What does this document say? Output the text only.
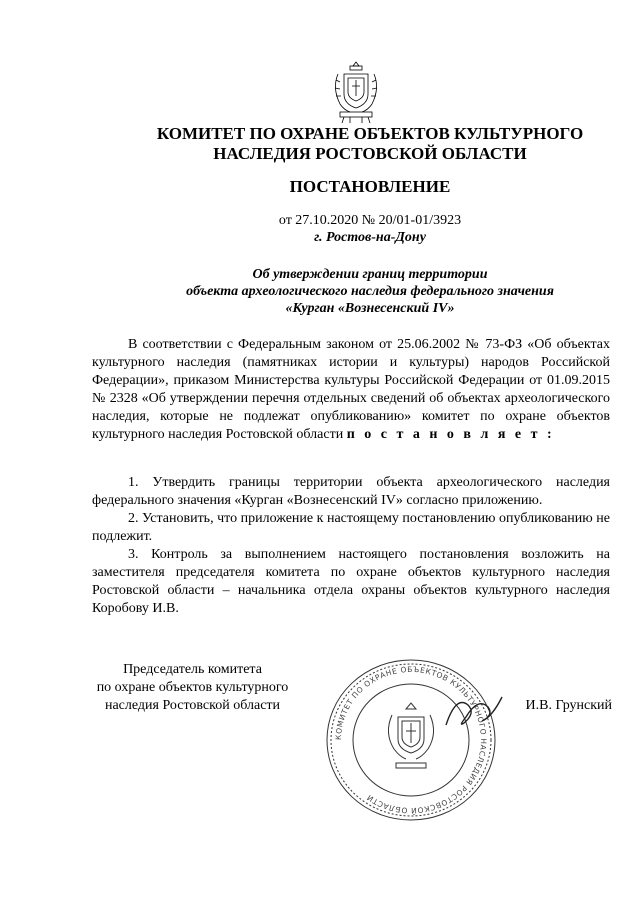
КОМИТЕТ ПО ОХРАНЕ ОБЪЕКТОВ КУЛЬТУРНОГО
НАСЛЕДИЯ РОСТОВСКОЙ ОБЛАСТИ
ПОСТАНОВЛЕНИЕ
от 27.10.2020 № 20/01-01/3923
г. Ростов-на-Дону
Об утверждении границ территории
объекта археологического наследия федерального значения
«Курган «Вознесенский IV»

В соответствии с Федеральным законом от 25.06.2002 № 73-ФЗ «Об объектах культурного наследия (памятниках истории и культуры) народов Российской Федерации», приказом Министерства культуры Российской Федерации от 01.09.2015 № 2328 «Об утверждении перечня отдельных сведений об объектах археологического наследия, которые не подлежат опубликованию» комитет по охране объектов культурного наследия Ростовской области п о с т а н о в л я е т :

1. Утвердить границы территории объекта археологического наследия федерального значения «Курган «Вознесенский IV» согласно приложению.

2. Установить, что приложение к настоящему постановлению опубликованию не подлежит.

3. Контроль за выполнением настоящего постановления возложить на заместителя председателя комитета по охране объектов культурного наследия Ростовской области – начальника отдела охраны объектов культурного наследия Коробову И.В.

Председатель комитета
по охране объектов культурного
наследия Ростовской области
КОМИТЕТ ПО ОХРАНЕ ОБЪЕКТОВ КУЛЬТУРНОГО НАСЛЕДИЯ РОСТОВСКОЙ ОБЛАСТИ
И.В. Грунский
